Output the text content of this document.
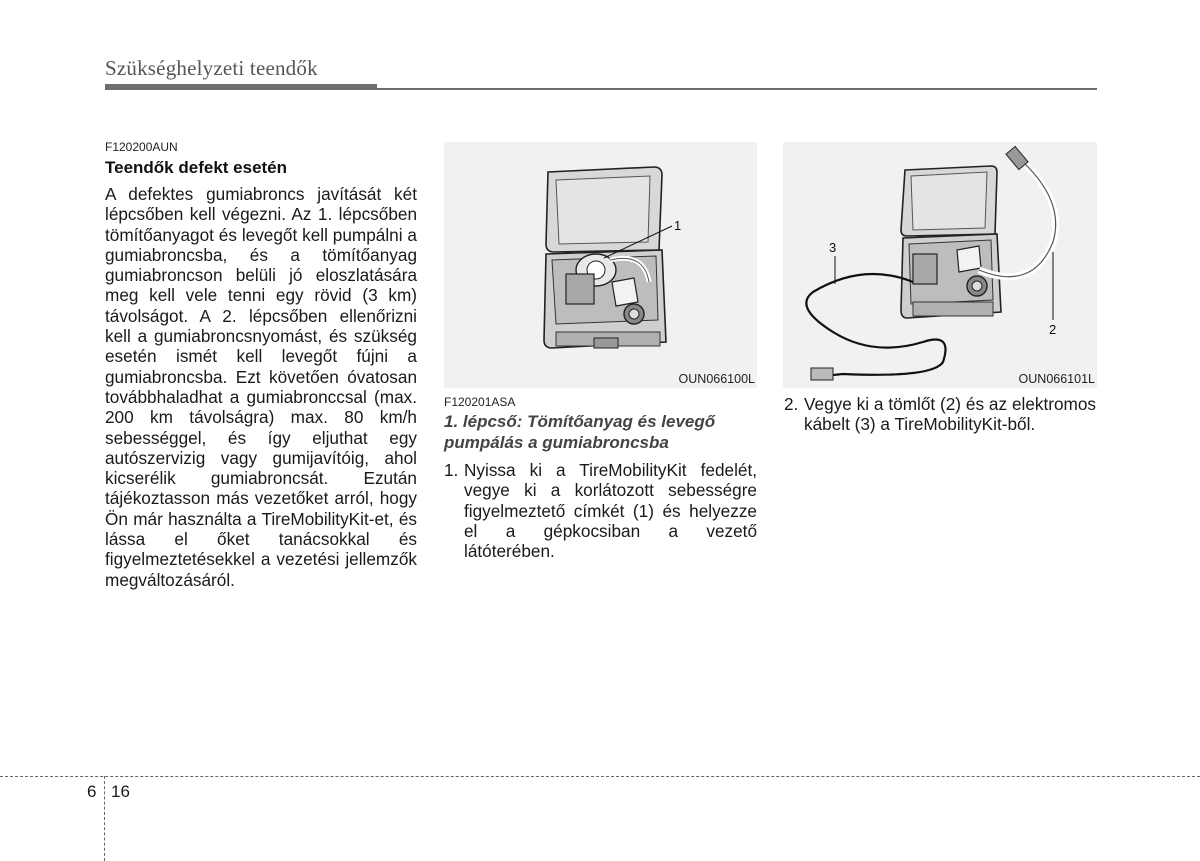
Szükséghelyzeti teendők
F120200AUN
Teendők defekt esetén
A defektes gumiabroncs javítását két lépcsőben kell végezni. Az 1. lépcsőben tömítőanyagot és levegőt kell pumpálni a gumiabroncsba, és a tömítőanyag gumiabroncson belüli jó eloszlatására meg kell vele tenni egy rövid (3 km) távolságot. A 2. lépcsőben ellenőrizni kell a gumiabroncsnyomást, és szükség esetén ismét kell levegőt fújni a gumiabroncsba. Ezt követően óvatosan továbbhaladhat a gumiabronccsal (max. 200 km távolságra) max. 80 km/h sebességgel, és így eljuthat egy autószervizig vagy gumijavítóig, ahol kicserélik gumiabroncsát. Ezután tájékoztasson más vezetőket arról, hogy Ön már használta a TireMobilityKit-et, és lássa el őket tanácsokkal és figyelmeztetésekkel a vezetési jellemzők megváltozásáról.
1
OUN066100L
F120201ASA
1. lépcső: Tömítőanyag és levegő pumpálás a gumiabroncsba
1. Nyissa ki a TireMobilityKit fedelét, vegye ki a korlátozott sebességre figyelmeztető címkét (1) és helyezze el a gépkocsiban a vezető látóterében.
2
3
OUN066101L
2. Vegye ki a tömlőt (2) és az elektromos kábelt (3) a TireMobilityKit-ből.
6 16
